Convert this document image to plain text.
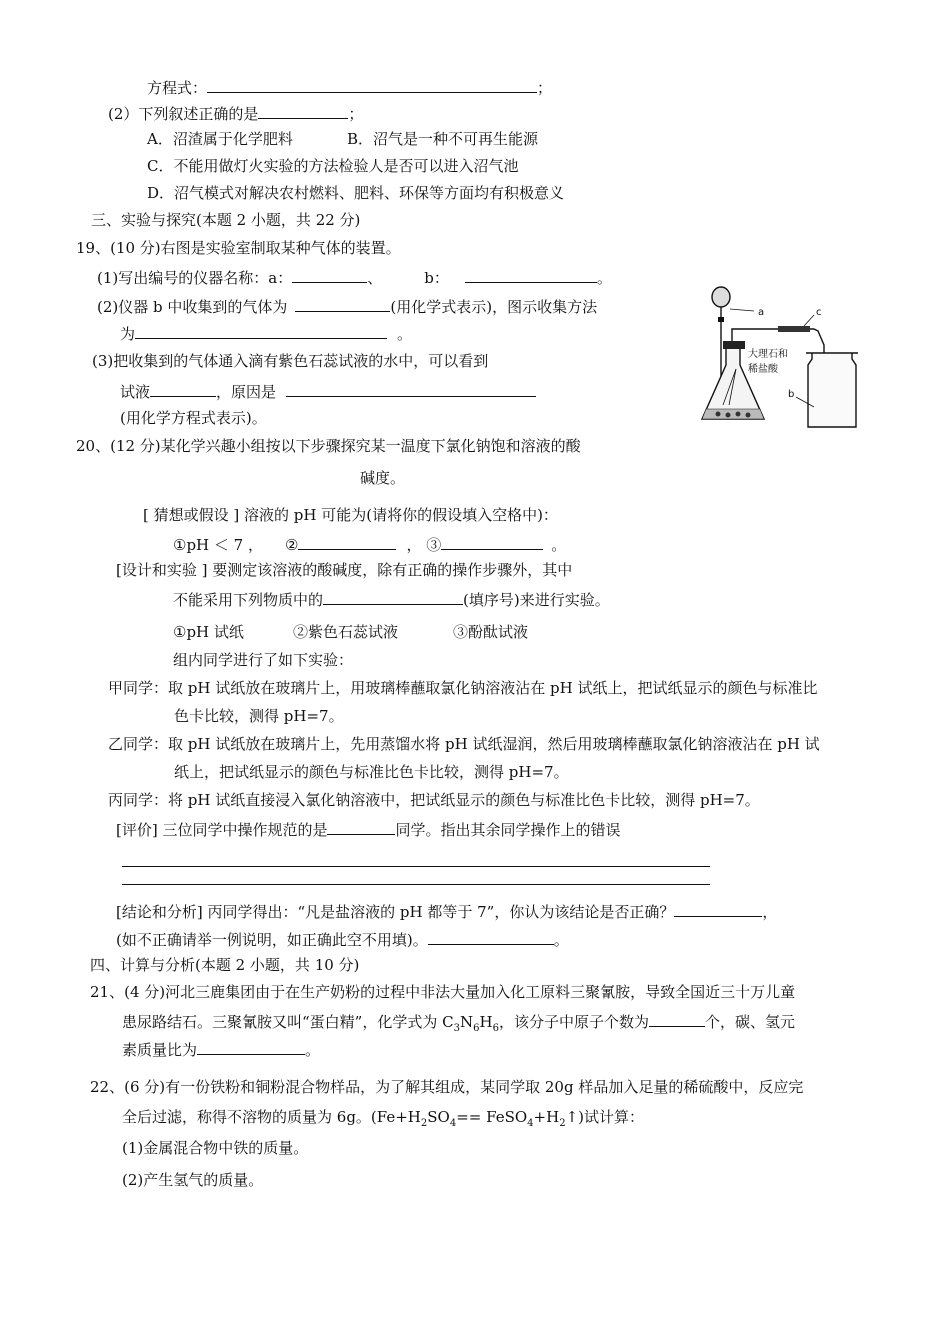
方程式：	；
(2）下列叙述正确的是	；
A．沼渣属于化学肥料	B．沼气是一种不可再生能源
C．不能用做灯火实验的方法检验人是否可以进入沼气池
D．沼气模式对解决农村燃料、肥料、环保等方面均有积极意义
三、实验与探究(本题 2 小题，共 22 分)
19、(10 分)右图是实验室制取某种气体的装置。
(1)写出编号的仪器名称：a：	、	b：	。
(2)仪器 b 中收集到的气体为	(用化学式表示)，图示收集方法
为	。
(3)把收集到的气体通入滴有紫色石蕊试液的水中，可以看到
试液	，原因是
(用化学方程式表示)。
a
大理石和
稀盐酸
c
b
20、(12 分)某化学兴趣小组按以下步骤探究某一温度下氯化钠饱和溶液的酸
碱度。
[ 猜想或假设 ] 溶液的 pH 可能为(请将你的假设填入空格中)：
①pH ＜ 7 ， ②	， ③	。
[设计和实验 ] 要测定该溶液的酸碱度，除有正确的操作步骤外，其中
不能采用下列物质中的	(填序号)来进行实验。
①pH 试纸	②紫色石蕊试液	③酚酞试液
组内同学进行了如下实验：
甲同学：取 pH 试纸放在玻璃片上，用玻璃棒蘸取氯化钠溶液沾在 pH 试纸上，把试纸显示的颜色与标准比
色卡比较，测得 pH=7。
乙同学：取 pH 试纸放在玻璃片上，先用蒸馏水将 pH 试纸湿润，然后用玻璃棒蘸取氯化钠溶液沾在 pH 试
纸上，把试纸显示的颜色与标准比色卡比较，测得 pH=7。
丙同学：将 pH 试纸直接浸入氯化钠溶液中，把试纸显示的颜色与标准比色卡比较，测得 pH=7。
[评价] 三位同学中操作规范的是	同学。指出其余同学操作上的错误
[结论和分析] 丙同学得出：“凡是盐溶液的 pH 都等于 7”，你认为该结论是否正确？	，
(如不正确请举一例说明，如正确此空不用填)。	。
四、计算与分析(本题 2 小题，共 10 分)
21、(4 分)河北三鹿集团由于在生产奶粉的过程中非法大量加入化工原料三聚氰胺，导致全国近三十万儿童
患尿路结石。三聚氰胺又叫“蛋白精”，化学式为 $C_3N_6H_6$，该分子中原子个数为	个，碳、氢元
素质量比为	。
22、(6 分)有一份铁粉和铜粉混合物样品，为了解其组成，某同学取 20g 样品加入足量的稀硫酸中，反应完
全后过滤，称得不溶物的质量为 6g。($Fe+H_2SO_4==$ $FeSO_4+H_2↑$)试计算：
(1)金属混合物中铁的质量。
(2)产生氢气的质量。
